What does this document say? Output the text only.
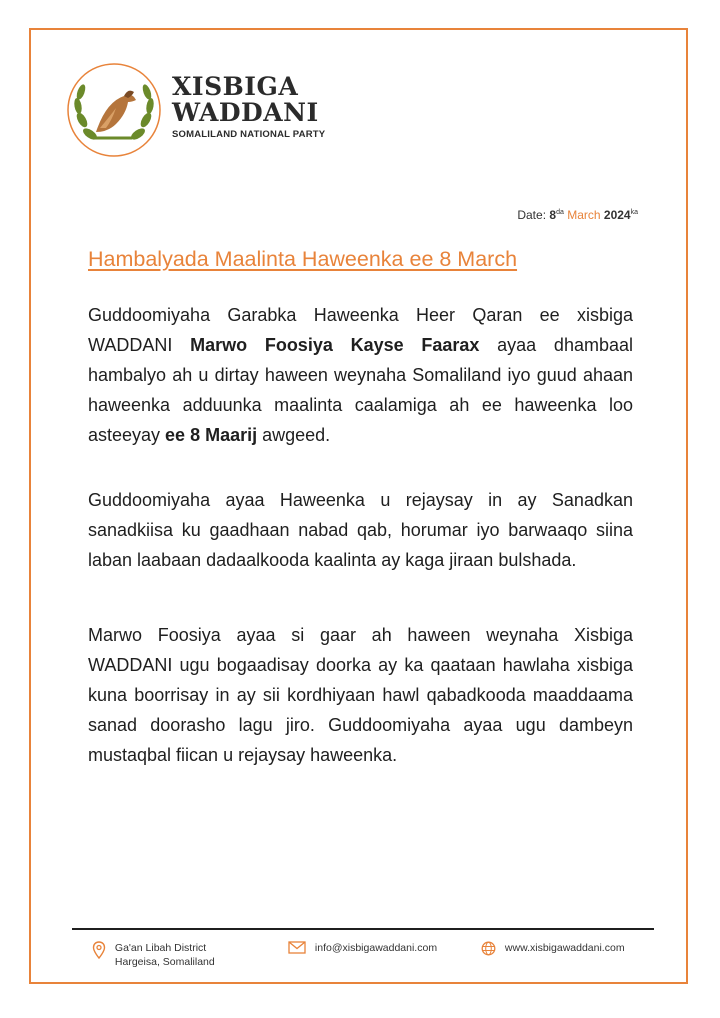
XISBIGA
WADDANI
SOMALILAND NATIONAL PARTY
Date: $8^{da}$ March $2024^{ka}$
Hambalyada Maalinta Haweenka ee 8 March
Guddoomiyaha Garabka Haweenka Heer Qaran ee xisbiga WADDANI Marwo Foosiya Kayse Faarax ayaa dhambaal hambalyo ah u dirtay haween weynaha Somaliland iyo guud ahaan haweenka adduunka maalinta caalamiga ah ee haweenka loo asteeyay ee 8 Maarij awgeed.
Guddoomiyaha ayaa Haweenka u rejaysay in ay Sanadkan sanadkiisa ku gaadhaan nabad qab, horumar iyo barwaaqo siina laban laabaan dadaalkooda kaalinta ay kaga jiraan bulshada.
Marwo Foosiya ayaa si gaar ah haween weynaha Xisbiga WADDANI ugu bogaadisay doorka ay ka qaataan hawlaha xisbiga kuna boorrisay in ay sii kordhiyaan hawl qabadkooda maaddaama sanad doorasho lagu jiro. Guddoomiyaha ayaa ugu dambeyn mustaqbal fiican u rejaysay haweenka.
Ga'an Libah District
Hargeisa, Somaliland
info@xisbigawaddani.com	www.xisbigawaddani.com
